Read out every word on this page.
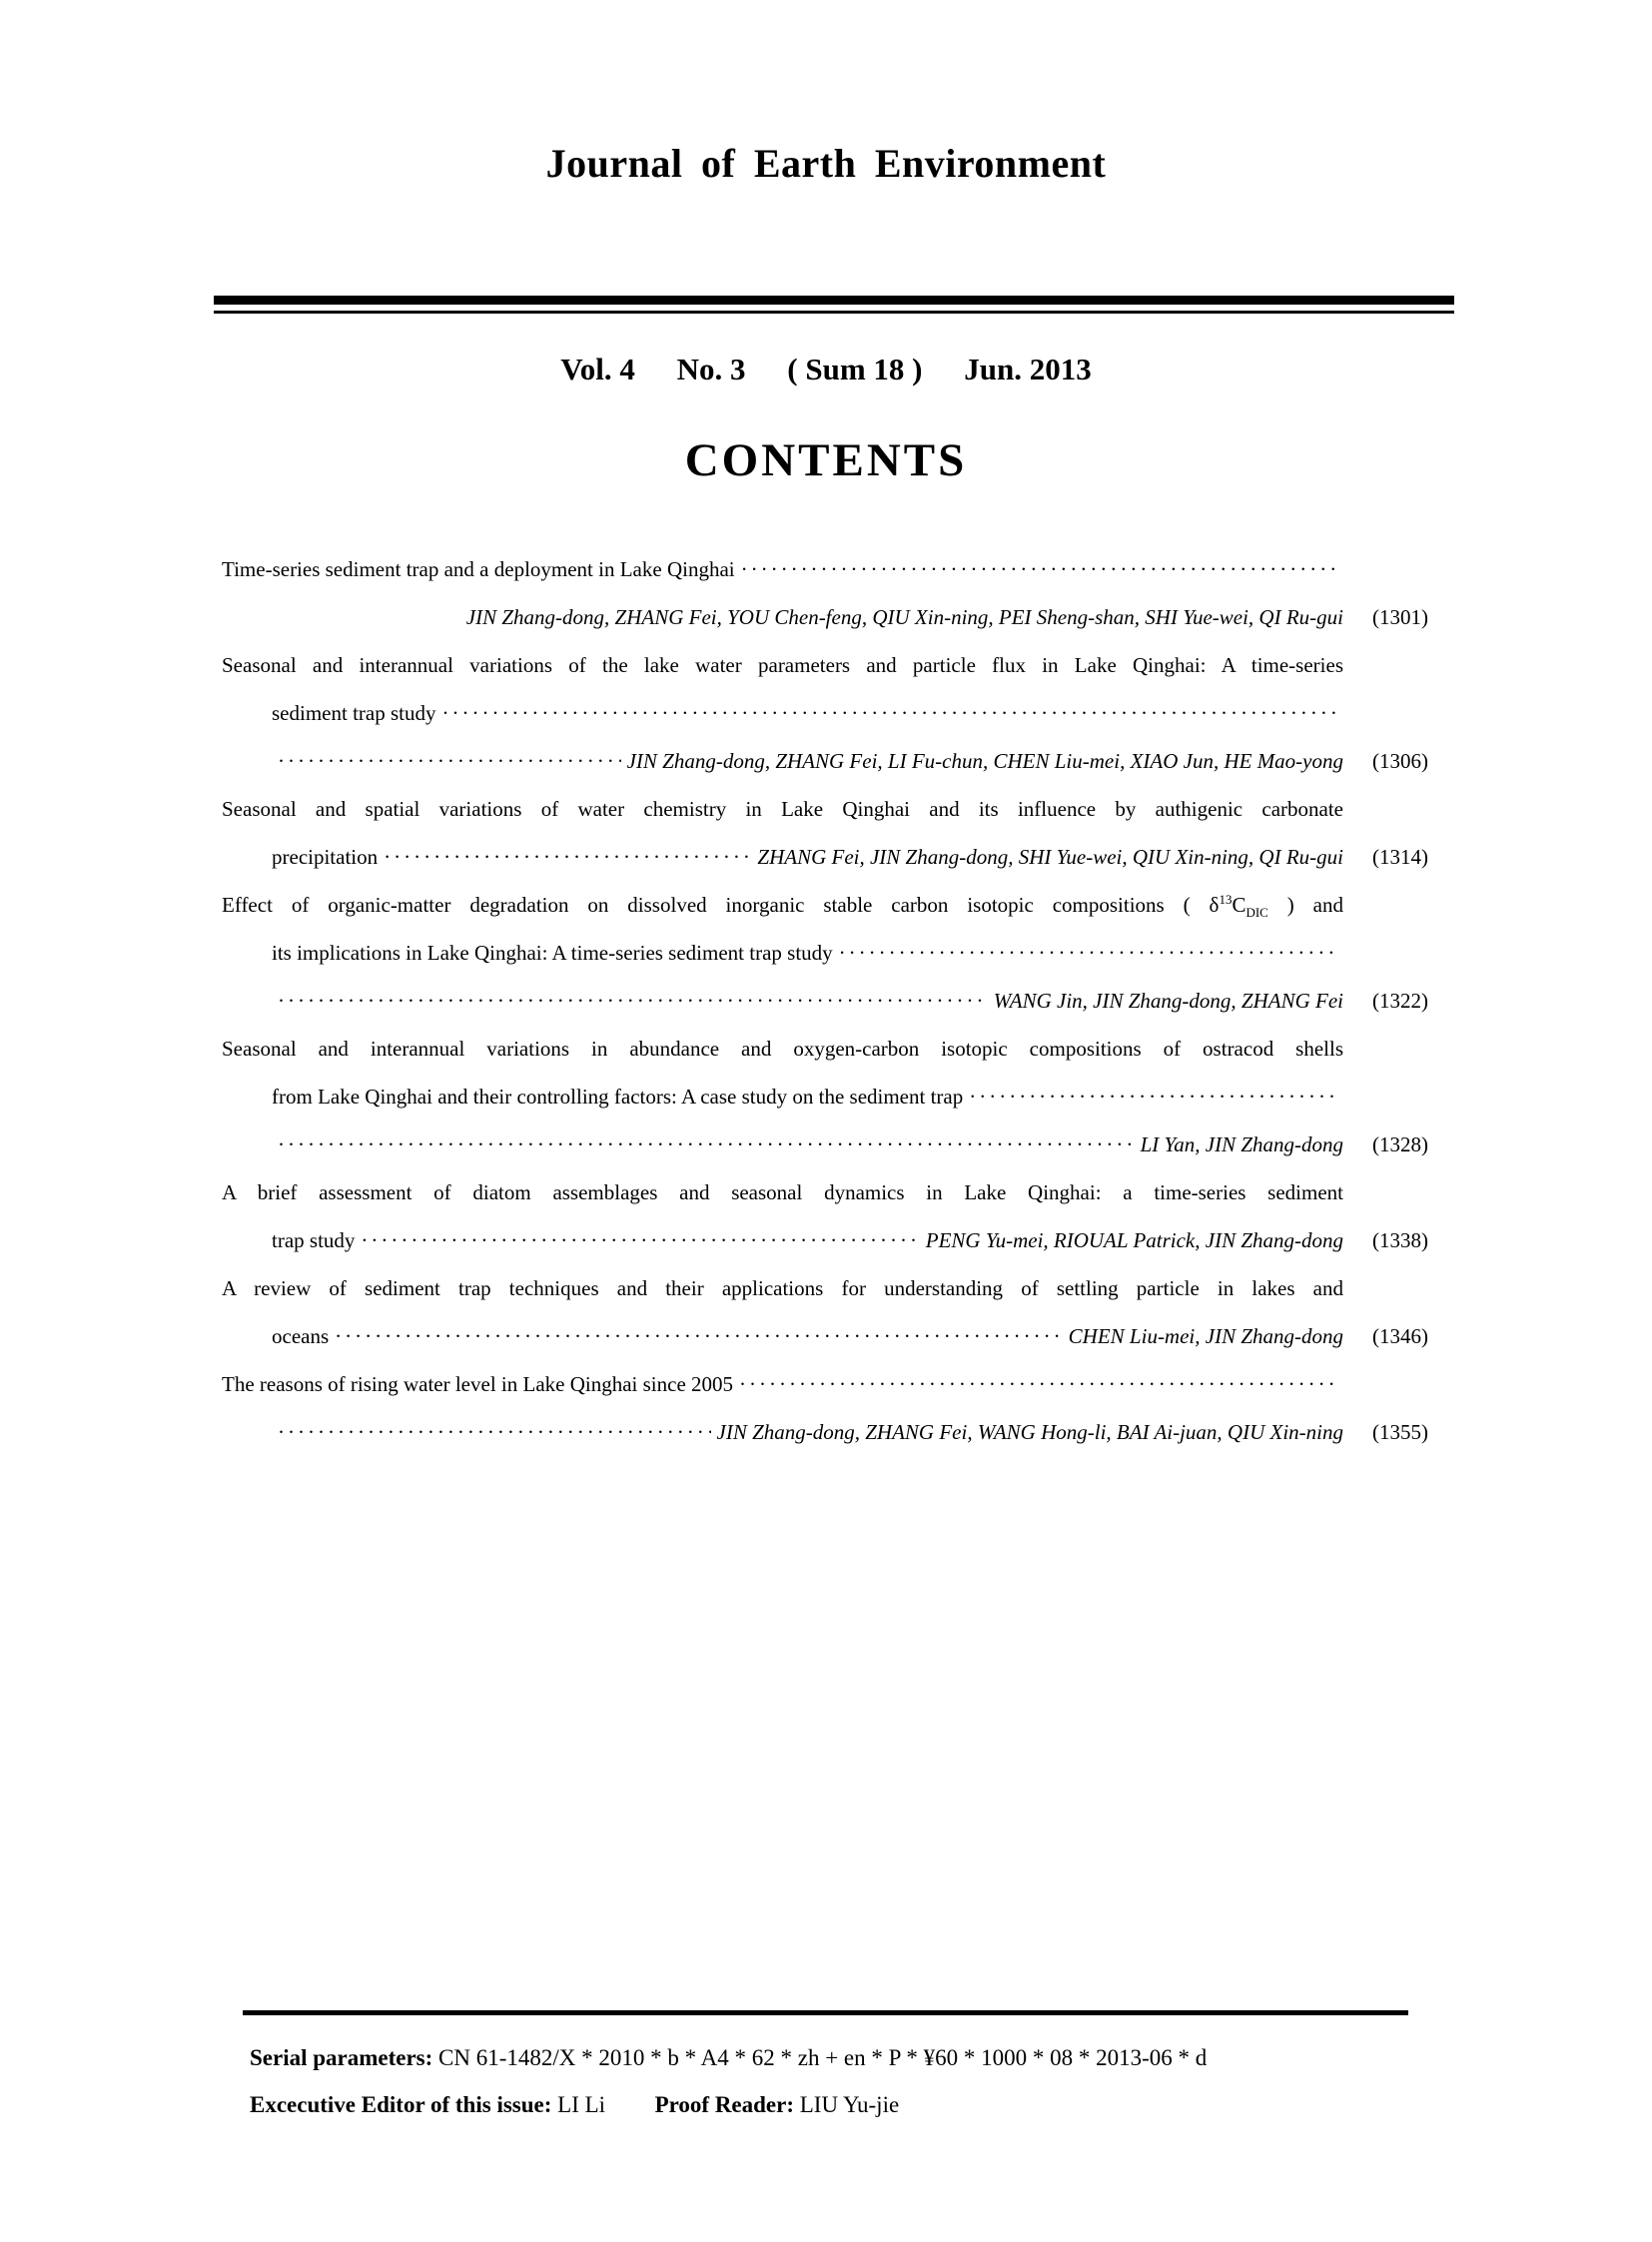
Journal of Earth Environment
Vol. 4 No. 3 ( Sum 18 ) Jun. 2013
CONTENTS
Time-series sediment trap and a deployment in Lake Qinghai
·····
JIN Zhang-dong, ZHANG Fei, YOU Chen-feng, QIU Xin-ning, PEI Sheng-shan, SHI Yue-wei, QI Ru-gui	(1301)
Seasonal and interannual variations of the lake water parameters and particle flux in Lake Qinghai: A time-series
sediment trap study
·····
·····
JIN Zhang-dong, ZHANG Fei, LI Fu-chun, CHEN Liu-mei, XIAO Jun, HE Mao-yong	(1306)
Seasonal and spatial variations of water chemistry in Lake Qinghai and its influence by authigenic carbonate
precipitation ·····	ZHANG Fei, JIN Zhang-dong, SHI Yue-wei, QIU Xin-ning, QI Ru-gui	(1314)
Effect of organic-matter degradation on dissolved inorganic stable carbon isotopic compositions ( $\delta^{13}C_{DIC}$ ) and
its implications in Lake Qinghai: A time-series sediment trap study
·····
·····
WANG Jin, JIN Zhang-dong, ZHANG Fei	(1322)
Seasonal and interannual variations in abundance and oxygen-carbon isotopic compositions of ostracod shells
from Lake Qinghai and their controlling factors: A case study on the sediment trap
·····
·····
LI Yan, JIN Zhang-dong	(1328)
A brief assessment of diatom assemblages and seasonal dynamics in Lake Qinghai: a time-series sediment
trap study ·····	PENG Yu-mei, RIOUAL Patrick, JIN Zhang-dong	(1338)
A review of sediment trap techniques and their applications for understanding of settling particle in lakes and
oceans ·····	CHEN Liu-mei, JIN Zhang-dong	(1346)
The reasons of rising water level in Lake Qinghai since 2005
·····
·····
JIN Zhang-dong, ZHANG Fei, WANG Hong-li, BAI Ai-juan, QIU Xin-ning	(1355)
Serial parameters: CN 61-1482/X * 2010 * b * A4 * 62 * zh + en * P * ¥60 * 1000 * 08 * 2013-06 * d
Excecutive Editor of this issue: LI Li Proof Reader: LIU Yu-jie
